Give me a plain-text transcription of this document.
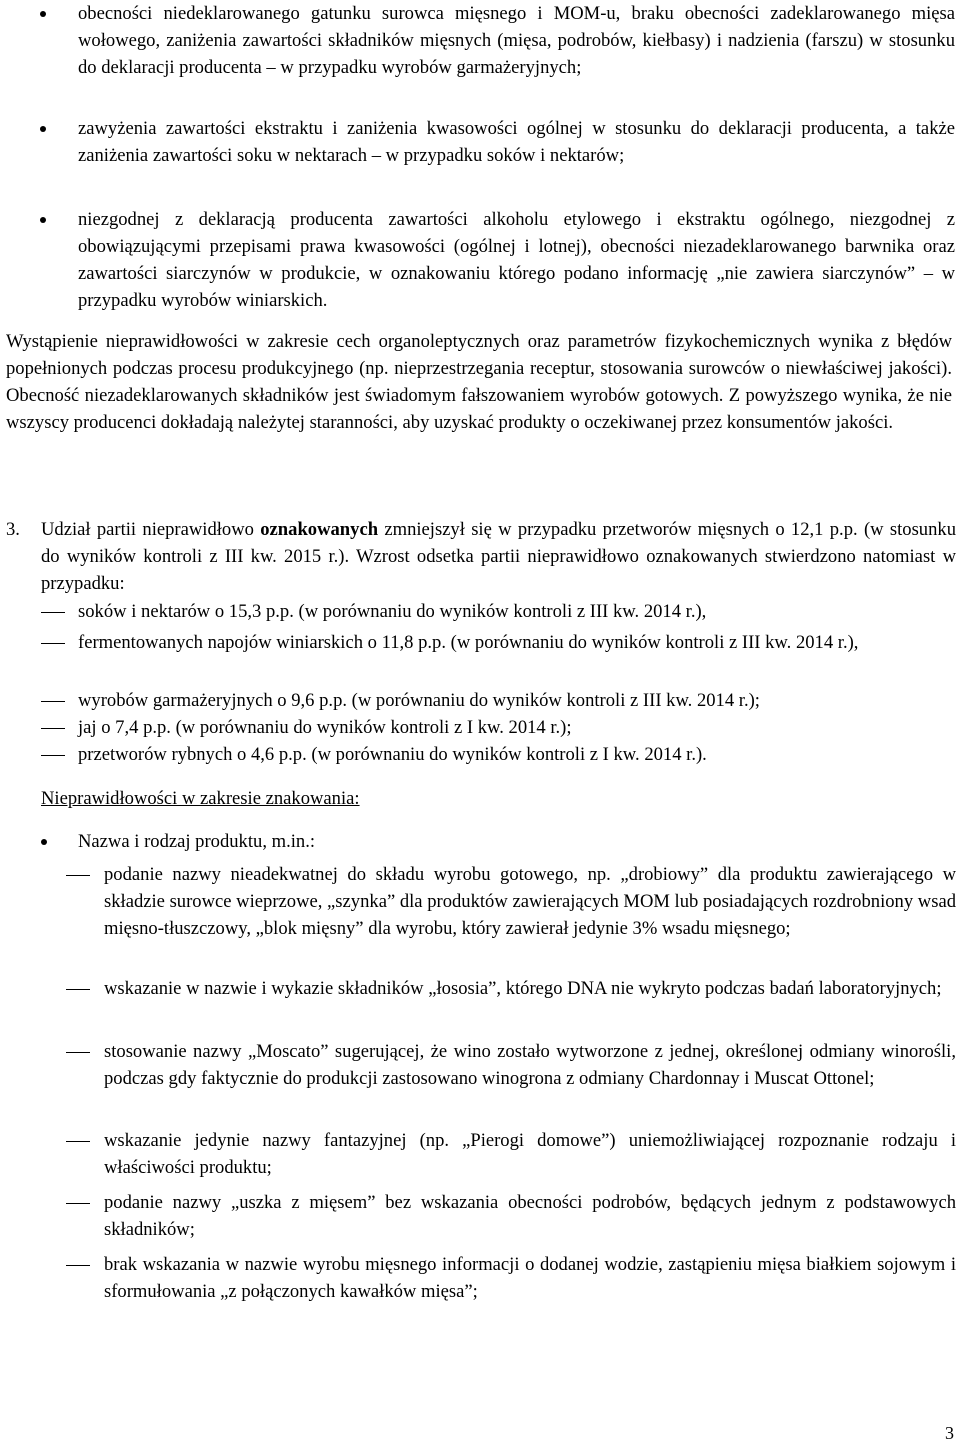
obecności niedeklarowanego gatunku surowca mięsnego i MOM-u, braku obecności zadeklarowanego mięsa wołowego, zaniżenia zawartości składników mięsnych (mięsa, podrobów, kiełbasy) i nadzienia (farszu) w stosunku do deklaracji producenta – w przypadku wyrobów garmażeryjnych;
zawyżenia zawartości ekstraktu i zaniżenia kwasowości ogólnej w stosunku do deklaracji producenta, a także zaniżenia zawartości soku w nektarach – w przypadku soków i nektarów;
niezgodnej z deklaracją producenta zawartości alkoholu etylowego i ekstraktu ogólnego, niezgodnej z obowiązującymi przepisami prawa kwasowości (ogólnej i lotnej), obecności niezadeklarowanego barwnika oraz zawartości siarczynów w produkcie, w oznakowaniu którego podano informację „nie zawiera siarczynów” – w przypadku wyrobów winiarskich.
Wystąpienie nieprawidłowości w zakresie cech organoleptycznych oraz parametrów fizykochemicznych wynika z błędów popełnionych podczas procesu produkcyjnego (np. nieprzestrzegania receptur, stosowania surowców o niewłaściwej jakości). Obecność niezadeklarowanych składników jest świadomym fałszowaniem wyrobów gotowych. Z powyższego wynika, że nie wszyscy producenci dokładają należytej staranności, aby uzyskać produkty o oczekiwanej przez konsumentów jakości.
3. Udział partii nieprawidłowo oznakowanych zmniejszył się w przypadku przetworów mięsnych o 12,1 p.p. (w stosunku do wyników kontroli z III kw. 2015 r.). Wzrost odsetka partii nieprawidłowo oznakowanych stwierdzono natomiast w przypadku:
soków i nektarów o 15,3 p.p. (w porównaniu do wyników kontroli z III kw. 2014 r.),
fermentowanych napojów winiarskich o 11,8 p.p. (w porównaniu do wyników kontroli z III kw. 2014 r.),
wyrobów garmażeryjnych o 9,6 p.p. (w porównaniu do wyników kontroli z III kw. 2014 r.);
jaj o 7,4 p.p. (w porównaniu do wyników kontroli z I kw. 2014 r.);
przetworów rybnych o 4,6 p.p. (w porównaniu do wyników kontroli z I kw. 2014 r.).
Nieprawidłowości w zakresie znakowania:
Nazwa i rodzaj produktu, m.in.:
podanie nazwy nieadekwatnej do składu wyrobu gotowego, np. „drobiowy” dla produktu zawierającego w składzie surowce wieprzowe, „szynka” dla produktów zawierających MOM lub posiadających rozdrobniony wsad mięsno-tłuszczowy, „blok mięsny” dla wyrobu, który zawierał jedynie 3% wsadu mięsnego;
wskazanie w nazwie i wykazie składników „łososia”, którego DNA nie wykryto podczas badań laboratoryjnych;
stosowanie nazwy „Moscato” sugerującej, że wino zostało wytworzone z jednej, określonej odmiany winorośli, podczas gdy faktycznie do produkcji zastosowano winogrona z odmiany Chardonnay i Muscat Ottonel;
wskazanie jedynie nazwy fantazyjnej (np. „Pierogi domowe”) uniemożliwiającej rozpoznanie rodzaju i właściwości produktu;
podanie nazwy „uszka z mięsem” bez wskazania obecności podrobów, będących jednym z podstawowych składników;
brak wskazania w nazwie wyrobu mięsnego informacji o dodanej wodzie, zastąpieniu mięsa białkiem sojowym i sformułowania „z połączonych kawałków mięsa”;
3
